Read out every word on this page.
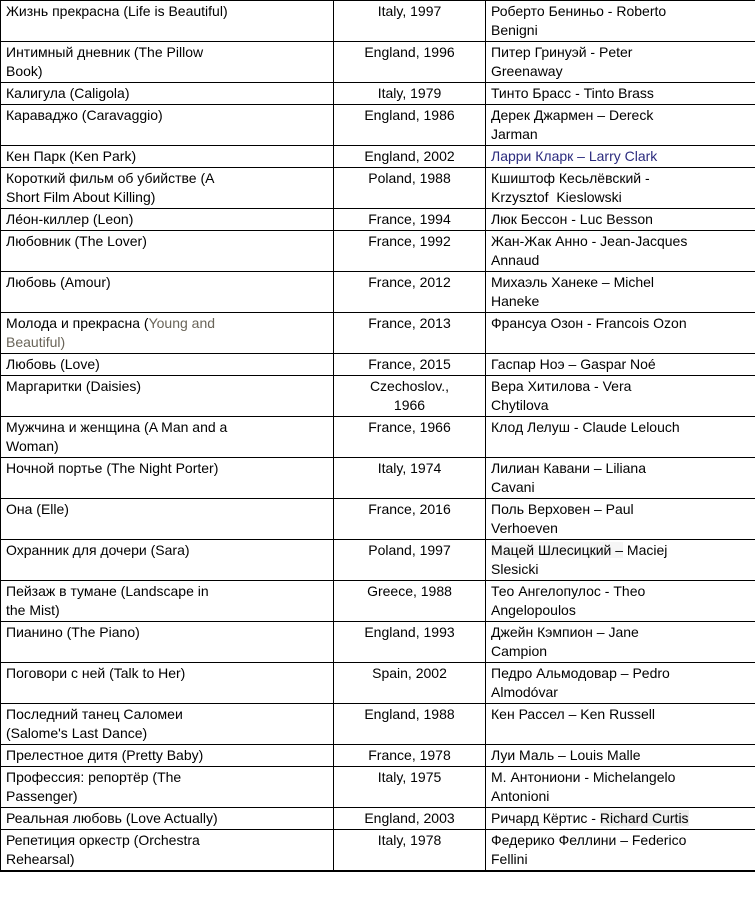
Жизнь прекрасна (Life is Beautiful)	Italy, 1997	Роберто Бениньо - Roberto Benigni

Интимный дневник (The Pillow Book)	England, 1996	Питер Гринуэй - Peter Greenaway

Калигула (Caligola)	Italy, 1979	Тинто Брасс - Tinto Brass

Караваджо (Caravaggio)	England, 1986	Дерек Джармен – Dereck Jarman

Кен Парк (Ken Park)	England, 2002	Ларри Кларк – Larry Clark

Короткий фильм об убийстве (A Short Film About Killing)	Poland, 1988	Кшиштоф Кесьлёвский - Krzysztof  Kieslowski

Ле́он-киллер (Leon)	France, 1994	Люк Бессон - Luc Besson

Любовник (The Lover)	France, 1992	Жан-Жак Анно - Jean-Jacques Annaud

Любовь (Amour)	France, 2012	Михаэль Ханеке – Michel Haneke

Молода и прекрасна (Young and Beautiful)	France, 2013	Франсуа Озон - Francois Ozon

Любовь (Love)	France, 2015	Гаспар Ноэ – Gaspar Noé

Маргаритки (Daisies)	Czechoslov., 1966	Вера Хитилова - Vera Chytilova

Мужчина и женщина (A Man and a Woman)	France, 1966	Клод Лелуш - Claude Lelouch

Ночной портье (The Night Porter)	Italy, 1974	Лилиан Кавани – Liliana Cavani

Она (Elle)	France, 2016	Поль Верховен – Paul Verhoeven

Охранник для дочери (Sara)	Poland, 1997	Мацей Шлесицкий – Maciej Slesicki

Пейзаж в тумане (Landscape in the Mist)	Greece, 1988	Тео Ангелопулос - Theo Angelopoulos

Пианино (The Piano)	England, 1993	Джейн Кэмпион – Jane Campion

Поговори с ней (Talk to Her)	Spain, 2002	Педро Альмодовар – Pedro Almodóvar

Последний танец Саломеи (Salome's Last Dance)	England, 1988	Кен Рассел – Ken Russell

Прелестное дитя (Pretty Baby)	France, 1978	Луи Маль – Louis Malle

Профессия: репортёр (The Passenger)	Italy, 1975	М. Антониони - Michelangelo Antonioni

Реальная любовь (Love Actually)	England, 2003	Ричард Кёртис - Richard Curtis

Репетиция оркестр (Orchestra Rehearsal)	Italy, 1978	Федерико Феллини – Federico Fellini
